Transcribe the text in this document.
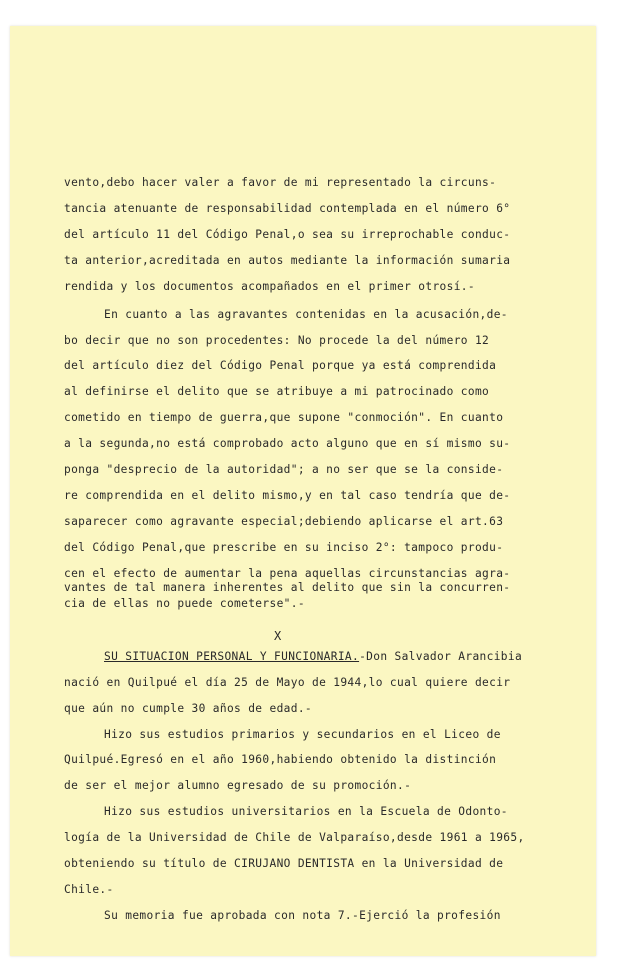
vento,debo hacer valer a favor de mi representado la circuns-
tancia atenuante de responsabilidad contemplada en el número 6°
del artículo 11 del Código Penal,o sea su irreprochable conduc-
ta anterior,acreditada en autos mediante la información sumaria
rendida y los documentos acompañados en el primer otrosí.-
En cuanto a las agravantes contenidas en la acusación,de-
bo decir que no son procedentes: No procede la del número 12
del artículo diez del Código Penal porque ya está comprendida
al definirse el delito que se atribuye a mi patrocinado como
cometido en tiempo de guerra,que supone "conmoción". En cuanto
a la segunda,no está comprobado acto alguno que en sí mismo su-
ponga "desprecio de la autoridad"; a no ser que se la conside-
re comprendida en el delito mismo,y en tal caso tendría que de-
saparecer como agravante especial;debiendo aplicarse el art.63
del Código Penal,que prescribe en su inciso 2°: tampoco produ-
cen el efecto de aumentar la pena aquellas circunstancias agra-
vantes de tal manera inherentes al delito que sin la concurren-
cia de ellas no puede cometerse".-
X
SU SITUACION PERSONAL Y FUNCIONARIA.-Don Salvador Arancibia
nació en Quilpué el día 25 de Mayo de 1944,lo cual quiere decir
que aún no cumple 30 años de edad.-
Hizo sus estudios primarios y secundarios en el Liceo de
Quilpué.Egresó en el año 1960,habiendo obtenido la distinción
de ser el mejor alumno egresado de su promoción.-
Hizo sus estudios universitarios en la Escuela de Odonto-
logía de la Universidad de Chile de Valparaíso,desde 1961 a 1965,
obteniendo su título de CIRUJANO DENTISTA en la Universidad de
Chile.-
Su memoria fue aprobada con nota 7.-Ejerció la profesión
